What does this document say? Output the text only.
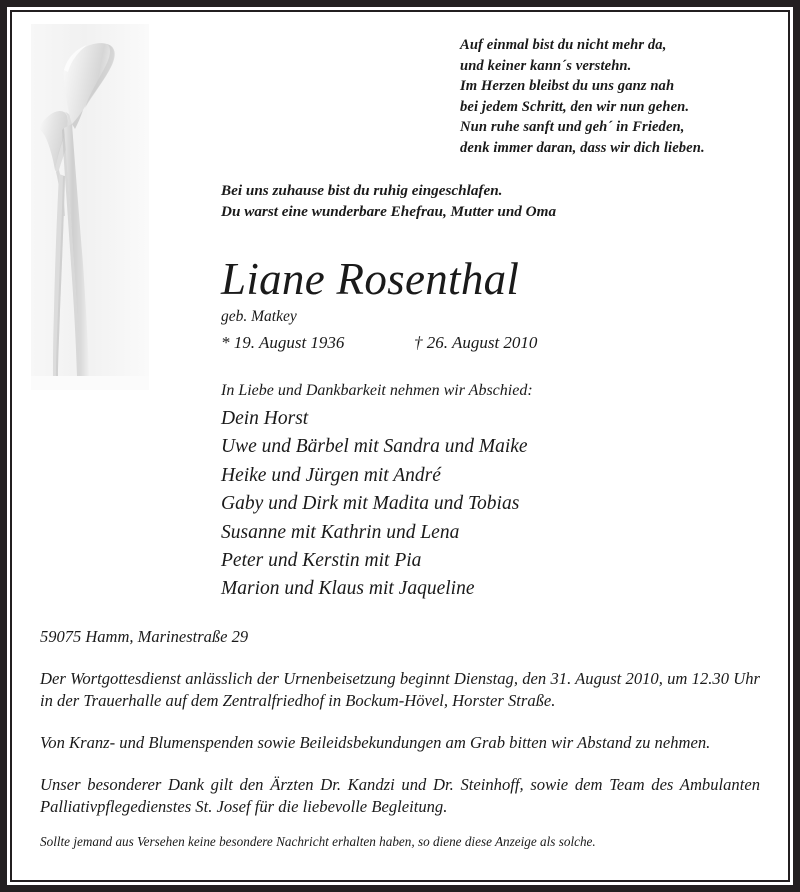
Auf einmal bist du nicht mehr da,
und keiner kann´s verstehn.
Im Herzen bleibst du uns ganz nah
bei jedem Schritt, den wir nun gehen.
Nun ruhe sanft und geh´ in Frieden,
denk immer daran, dass wir dich lieben.
Bei uns zuhause bist du ruhig eingeschlafen.
Du warst eine wunderbare Ehefrau, Mutter und Oma
Liane Rosenthal
geb. Matkey
* 19. August 1936	† 26. August 2010
In Liebe und Dankbarkeit nehmen wir Abschied:
Dein Horst
Uwe und Bärbel mit Sandra und Maike
Heike und Jürgen mit André
Gaby und Dirk mit Madita und Tobias
Susanne mit Kathrin und Lena
Peter und Kerstin mit Pia
Marion und Klaus mit Jaqueline
59075 Hamm, Marinestraße 29
Der Wortgottesdienst anlässlich der Urnenbeisetzung beginnt Dienstag, den 31. August 2010, um 12.30 Uhr in der Trauerhalle auf dem Zentralfriedhof in Bockum-Hövel, Horster Straße.
Von Kranz- und Blumenspenden sowie Beileidsbekundungen am Grab bitten wir Abstand zu nehmen.
Unser besonderer Dank gilt den Ärzten Dr. Kandzi und Dr. Steinhoff, sowie dem Team des Ambulanten Palliativpflegedienstes St. Josef für die liebevolle Begleitung.
Sollte jemand aus Versehen keine besondere Nachricht erhalten haben, so diene diese Anzeige als solche.
